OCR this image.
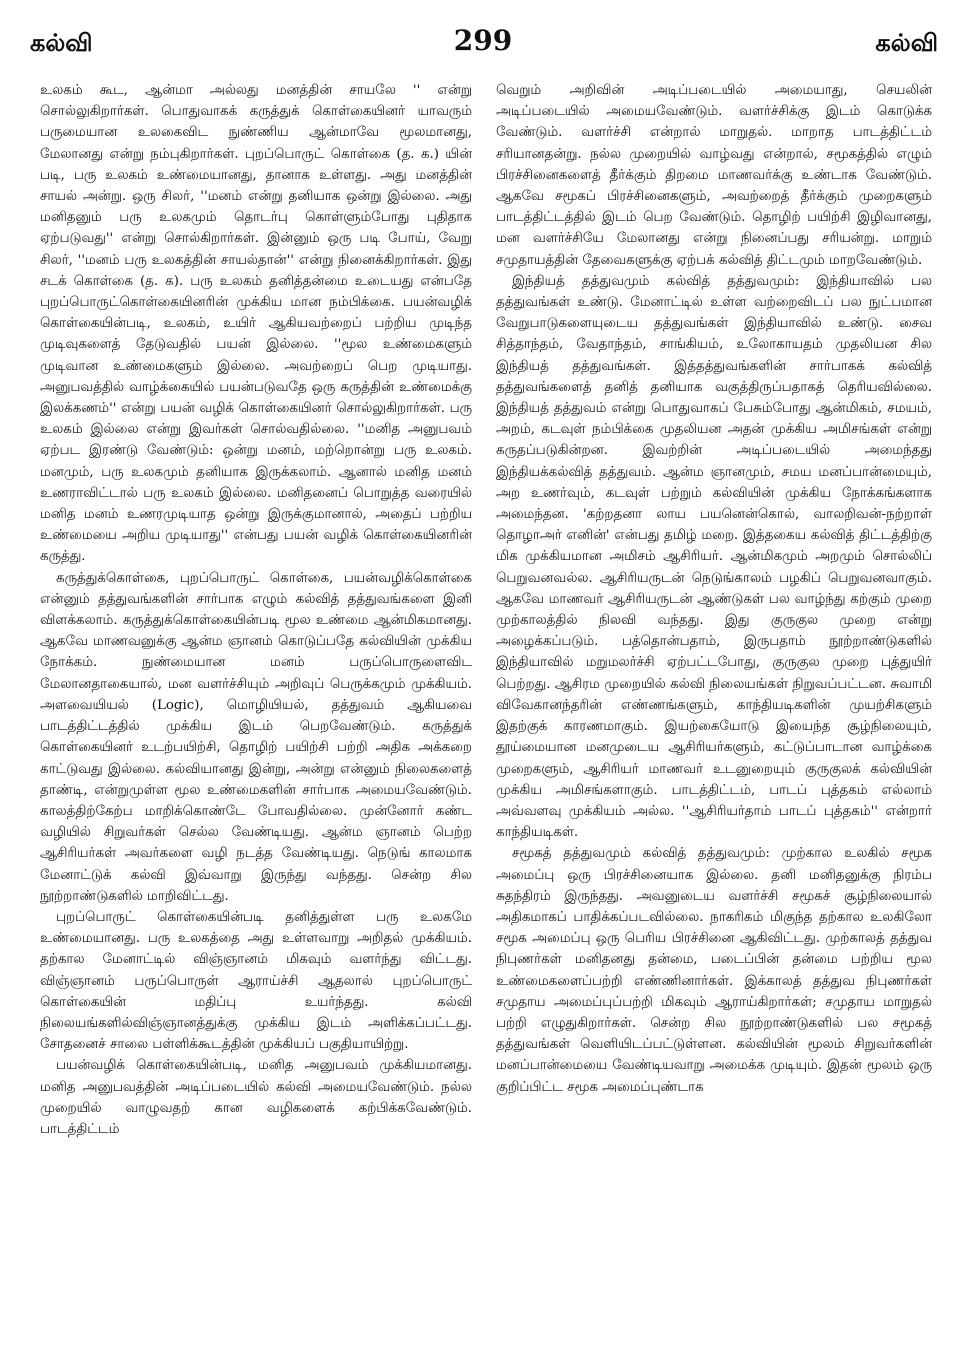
கல்வி	299	கல்வி

உலகம் கூட, ஆன்மா அல்லது மனத்தின் சாயலே '' என்று சொல்லுகிறார்கள். பொதுவாகக் கருத்துக் கொள்கையினர் யாவரும் பருமையான உலகைவிட நுண்ணிய ஆன்மாவே மூலமானது, மேலானது என்று நம்புகிறார்கள். புறப்பொருட் கொள்கை (த. க.) யின் படி, பரு உலகம் உண்மையானது, தானாக உள்ளது. அது மனத்தின் சாயல் அன்று. ஒரு சிலர், ''மனம் என்று தனியாக ஒன்று இல்லை. அது மனிதனும் பரு உலகமும் தொடர்பு கொள்ளும்போது புதிதாக ஏற்படுவது'' என்று சொல்கிறார்கள். இன்னும் ஒரு படி போய், வேறு சிலர், ''மனம் பரு உலகத்தின் சாயல்தான்'' என்று நினைக்கிறார்கள். இது சடக் கொள்கை (த. க). பரு உலகம் தனித்தன்மை உடையது என்பதே புறப்பொருட்கொள்கையினரின் முக்கிய மான நம்பிக்கை. பயன்வழிக் கொள்கையின்படி, உலகம், உயிர் ஆகியவற்றைப் பற்றிய முடிந்த முடிவுகளைத் தேடுவதில் பயன் இல்லை. ''மூல உண்மைகளும் முடிவான உண்மைகளும் இல்லை. அவற்றைப் பெற முடியாது. அனுபவத்தில் வாழ்க்கையில் பயன்படுவதே ஒரு கருத்தின் உண்மைக்கு இலக்கணம்'' என்று பயன் வழிக் கொள்கையினர் சொல்லுகிறார்கள். பரு உலகம் இல்லை என்று இவர்கள் சொல்வதில்லை. ''மனித அனுபவம் ஏற்பட இரண்டு வேண்டும்: ஒன்று மனம், மற்றொன்று பரு உலகம். மனமும், பரு உலகமும் தனியாக இருக்கலாம். ஆனால் மனித மனம் உணராவிட்டால் பரு உலகம் இல்லை. மனிதனைப் பொறுத்த வரையில் மனித மனம் உணரமுடியாத ஒன்று இருக்குமானால், அதைப் பற்றிய உண்மையை அறிய முடியாது'' என்பது பயன் வழிக் கொள்கையினரின் கருத்து.

கருத்துக்கொள்கை, புறப்பொருட் கொள்கை, பயன்வழிக்கொள்கை என்னும் தத்துவங்களின் சார்பாக எழும் கல்வித் தத்துவங்களை இனி விளக்கலாம். கருத்துக்கொள்கையின்படி மூல உண்மை ஆன்மிகமானது. ஆகவே மாணவனுக்கு ஆன்ம ஞானம் கொடுப்பதே கல்வியின் முக்கிய நோக்கம். நுண்மையான மனம் பருப்பொருளைவிட மேலானதாகையால், மன வளர்ச்சியும் அறிவுப் பெருக்கமும் முக்கியம். அளவையியல் (Logic), மொழியியல், தத்துவம் ஆகியவை பாடத்திட்டத்தில் முக்கிய இடம் பெறவேண்டும். கருத்துக் கொள்கையினர் உடற்பயிற்சி, தொழிற் பயிற்சி பற்றி அதிக அக்கறை காட்டுவது இல்லை. கல்வியானது இன்று, அன்று என்னும் நிலைகளைத் தாண்டி, என்றுமுள்ள மூல உண்மைகளின் சார்பாக அமையவேண்டும். காலத்திற்கேற்ப மாறிக்கொண்டே போவதில்லை. முன்னோர் கண்ட வழியில் சிறுவர்கள் செல்ல வேண்டியது. ஆன்ம ஞானம் பெற்ற ஆசிரியர்கள் அவர்களை வழி நடத்த வேண்டியது. நெடுங் காலமாக மேனாட்டுக் கல்வி இவ்வாறு இருந்து வந்தது. சென்ற சில நூற்றாண்டுகளில் மாறிவிட்டது.

புறப்பொருட் கொள்கையின்படி தனித்துள்ள பரு உலகமே உண்மையானது. பரு உலகத்தை அது உள்ளவாறு அறிதல் முக்கியம். தற்கால மேனாட்டில் விஞ்ஞானம் மிகவும் வளர்ந்து விட்டது. விஞ்ஞானம் பருப்பொருள் ஆராய்ச்சி ஆதலால் புறப்பொருட் கொள்கையின் மதிப்பு உயர்ந்தது. கல்வி நிலையங்களில்விஞ்ஞானத்துக்கு முக்கிய இடம் அளிக்கப்பட்டது. சோதனைச் சாலை பள்ளிக்கூடத்தின் முக்கியப் பகுதியாயிற்று.

பயன்வழிக் கொள்கையின்படி, மனித அனுபவம் முக்கியமானது. மனித அனுபவத்தின் அடிப்படையில் கல்வி அமையவேண்டும். நல்ல முறையில் வாழுவதற் கான வழிகளைக் கற்பிக்கவேண்டும். பாடத்திட்டம்

வெறும் அறிவின் அடிப்படையில் அமையாது, செயலின் அடிப்படையில் அமையவேண்டும். வளர்ச்சிக்கு இடம் கொடுக்க வேண்டும். வளர்ச்சி என்றால் மாறுதல். மாறாத பாடத்திட்டம் சரியானதன்று. நல்ல முறையில் வாழ்வது என்றால், சமூகத்தில் எழும் பிரச்சினைகளைத் தீர்க்கும் திறமை மாணவர்க்கு உண்டாக வேண்டும். ஆகவே சமூகப் பிரச்சினைகளும், அவற்றைத் தீர்க்கும் முறைகளும் பாடத்திட்டத்தில் இடம் பெற வேண்டும். தொழிற் பயிற்சி இழிவானது, மன வளர்ச்சியே மேலானது என்று நினைப்பது சரியன்று. மாறும் சமுதாயத்தின் தேவைகளுக்கு ஏற்பக் கல்வித் திட்டமும் மாறவேண்டும்.

இந்தியத் தத்துவமும் கல்வித் தத்துவமும்: இந்தியாவில் பல தத்துவங்கள் உண்டு. மேனாட்டில் உள்ள வற்றைவிடப் பல நுட்பமான வேறுபாடுகளையுடைய தத்துவங்கள் இந்தியாவில் உண்டு. சைவ சித்தாந்தம், வேதாந்தம், சாங்கியம், உலோகாயதம் முதலியன சில இந்தியத் தத்துவங்கள். இத்தத்துவங்களின் சார்பாகக் கல்வித் தத்துவங்களைத் தனித் தனியாக வகுத்திருப்பதாகத் தெரியவில்லை. இந்தியத் தத்துவம் என்று பொதுவாகப் பேசும்போது ஆன்மிகம், சமயம், அறம், கடவுள் நம்பிக்கை முதலியன அதன் முக்கிய அமிசங்கள் என்று கருதப்படுகின்றன. இவற்றின் அடிப்படையில் அமைந்தது இந்தியக்கல்வித் தத்துவம். ஆன்ம ஞானமும், சமய மனப்பான்மையும், அற உணர்வும், கடவுள் பற்றும் கல்வியின் முக்கிய நோக்கங்களாக அமைந்தன. 'கற்றதனா லாய பயனென்கொல், வாலறிவன்-நற்றாள் தொழாஅர் எனின்' என்பது தமிழ் மறை. இத்தகைய கல்வித் திட்டத்திற்கு மிக முக்கியமான அமிசம் ஆசிரியர். ஆன்மிகமும் அறமும் சொல்லிப் பெறுவனவல்ல. ஆசிரியருடன் நெடுங்காலம் பழகிப் பெறுவனவாகும். ஆகவே மாணவர் ஆசிரியருடன் ஆண்டுகள் பல வாழ்ந்து கற்கும் முறை முற்காலத்தில் நிலவி வந்தது. இது குருகுல முறை என்று அழைக்கப்படும். பத்தொன்பதாம், இருபதாம் நூற்றாண்டுகளில் இந்தியாவில் மறுமலர்ச்சி ஏற்பட்டபோது, குருகுல முறை புத்துயிர் பெற்றது. ஆசிரம முறையில் கல்வி நிலையங்கள் நிறுவப்பட்டன. சுவாமி விவேகானந்தரின் எண்ணங்களும், காந்தியடிகளின் முயற்சிகளும் இதற்குக் காரணமாகும். இயற்கையோடு இயைந்த சூழ்நிலையும், தூய்மையான மனமுடைய ஆசிரியர்களும், கட்டுப்பாடான வாழ்க்கை முறைகளும், ஆசிரியர் மாணவர் உடனுறையும் குருகுலக் கல்வியின் முக்கிய அமிசங்களாகும். பாடத்திட்டம், பாடப் புத்தகம் எல்லாம் அவ்வளவு முக்கியம் அல்ல. ''ஆசிரியர்தாம் பாடப் புத்தகம்'' என்றார் காந்தியடிகள்.

சமூகத் தத்துவமும் கல்வித் தத்துவமும்: முற்கால உலகில் சமூக அமைப்பு ஒரு பிரச்சினையாக இல்லை. தனி மனிதனுக்கு நிரம்ப சுதந்திரம் இருந்தது. அவனுடைய வளர்ச்சி சமூகச் சூழ்நிலையால் அதிகமாகப் பாதிக்கப்படவில்லை. நாகரிகம் மிகுந்த தற்கால உலகிலோ சமூக அமைப்பு ஒரு பெரிய பிரச்சினை ஆகிவிட்டது. முற்காலத் தத்துவ நிபுணர்கள் மனிதனது தன்மை, படைப்பின் தன்மை பற்றிய மூல உண்மைகளைப்பற்றி எண்ணினார்கள். இக்காலத் தத்துவ நிபுணர்கள் சமுதாய அமைப்புப்பற்றி மிகவும் ஆராய்கிறார்கள்; சமுதாய மாறுதல் பற்றி எழுதுகிறார்கள். சென்ற சில நூற்றாண்டுகளில் பல சமூகத் தத்துவங்கள் வெளியிடப்பட்டுள்ளன. கல்வியின் மூலம் சிறுவர்களின் மனப்பான்மையை வேண்டியவாறு அமைக்க முடியும். இதன் மூலம் ஒரு குறிப்பிட்ட சமூக அமைப்புண்டாக
